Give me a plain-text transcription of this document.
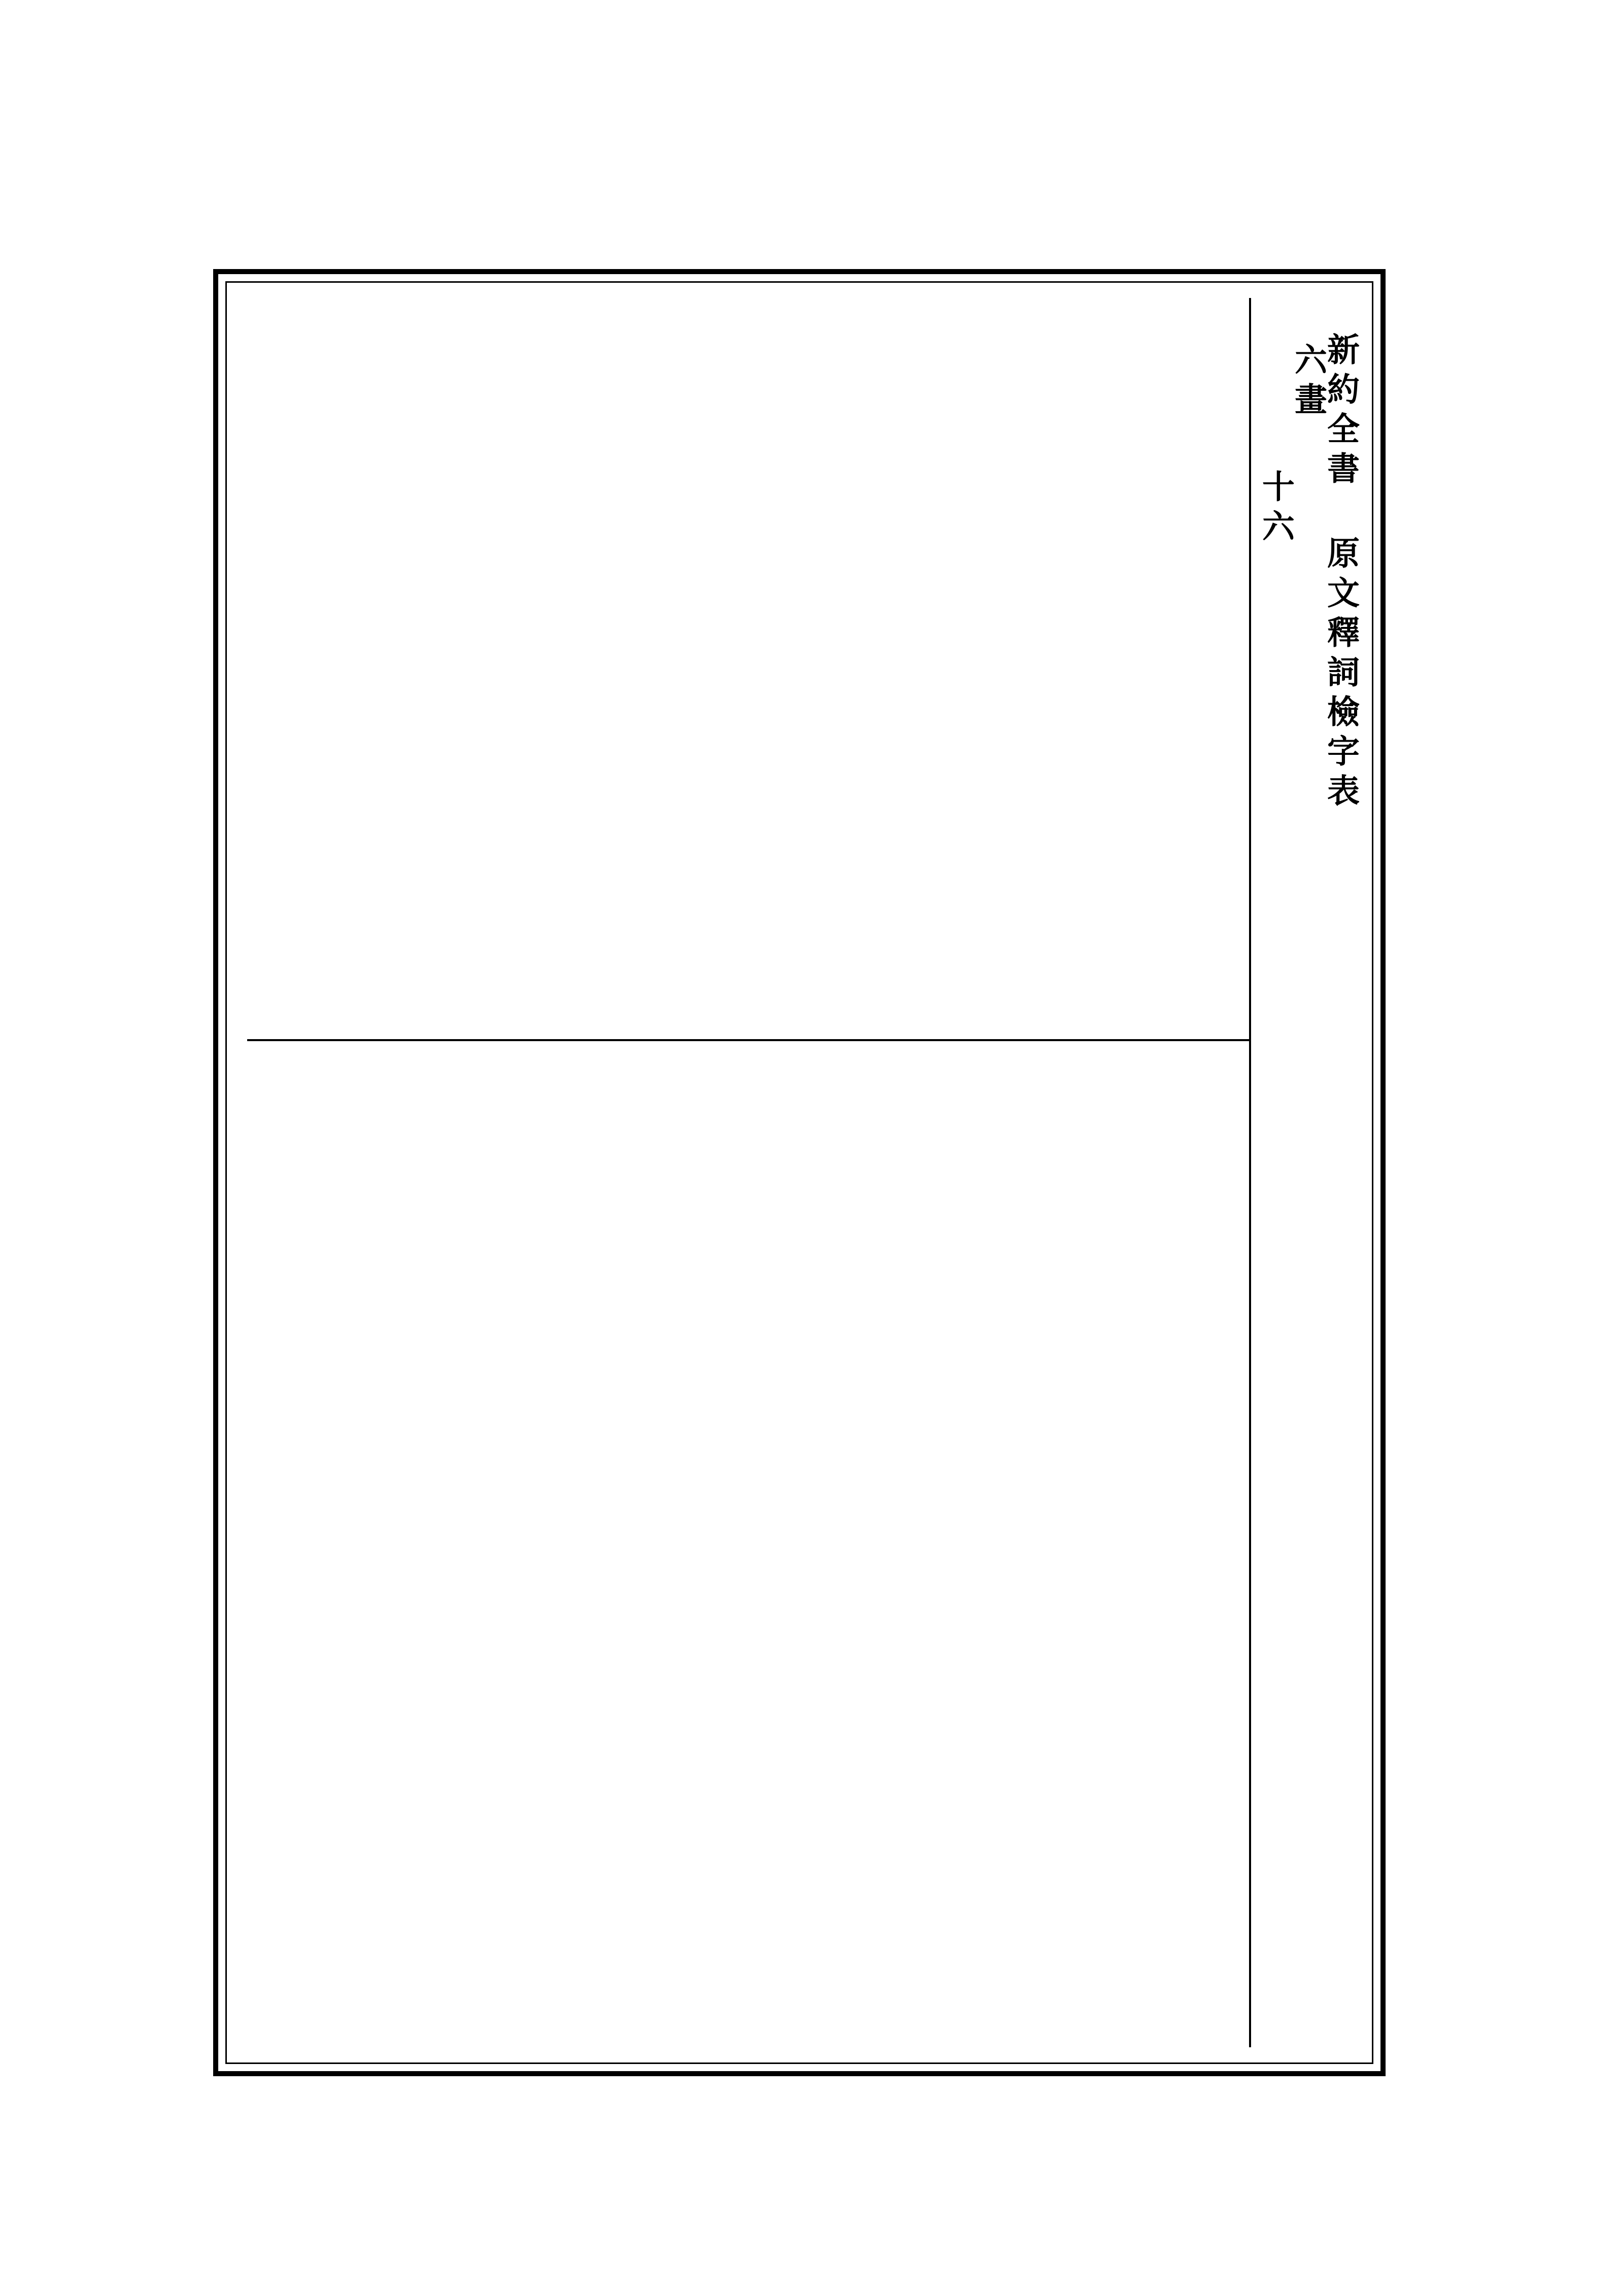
新約全書 原文釋詞檢字表
六畫
十六
